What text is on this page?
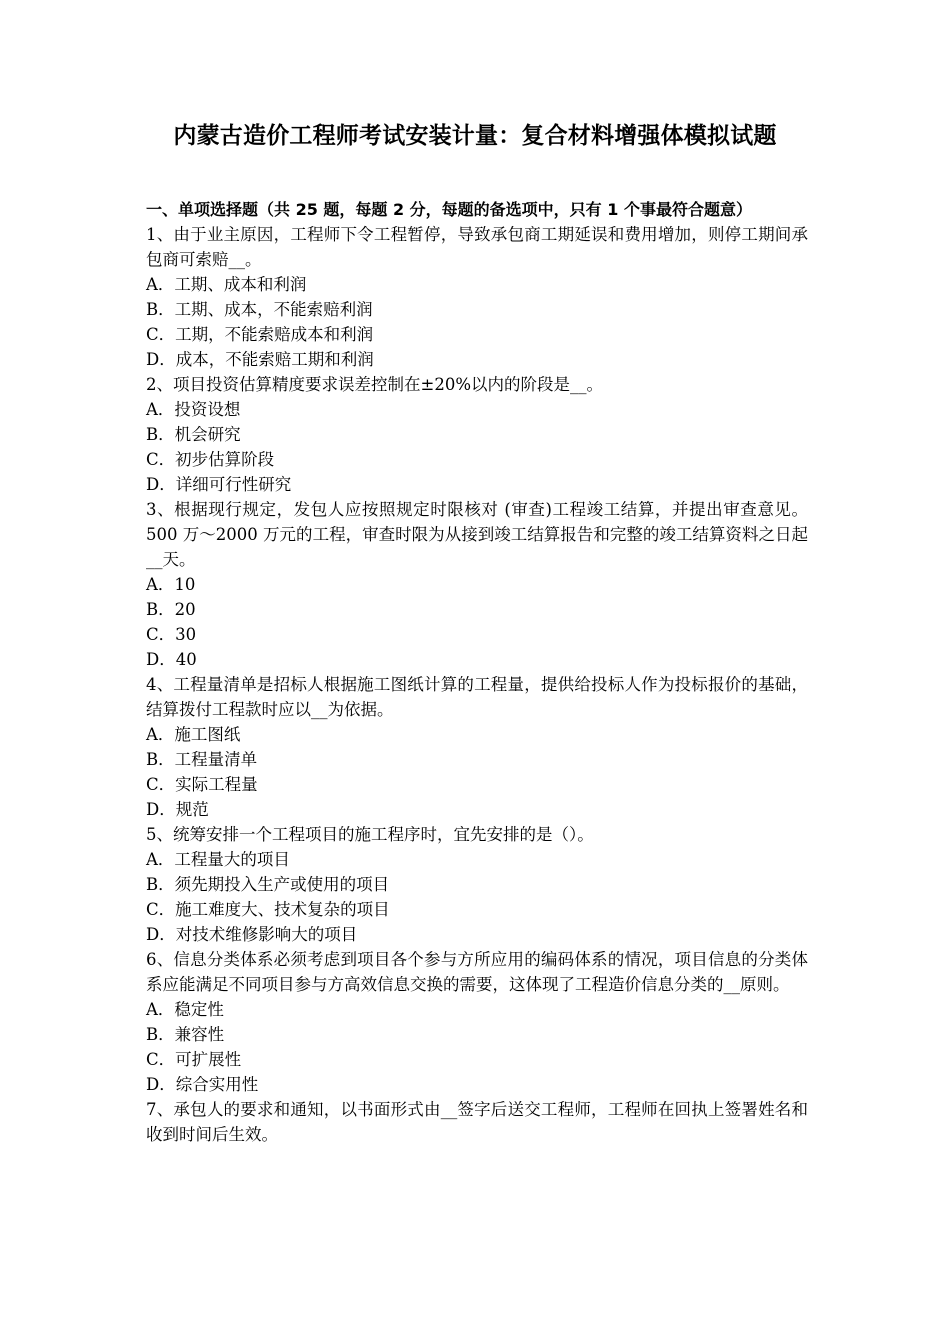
内蒙古造价工程师考试安装计量：复合材料增强体模拟试题
一、单项选择题（共 25 题，每题 2 分，每题的备选项中，只有 1 个事最符合题意）
1、由于业主原因，工程师下令工程暂停，导致承包商工期延误和费用增加，则停工期间承包商可索赔__。
A．工期、成本和利润
B．工期、成本，不能索赔利润
C．工期，不能索赔成本和利润
D．成本，不能索赔工期和利润
2、项目投资估算精度要求误差控制在±20%以内的阶段是__。
A．投资设想
B．机会研究
C．初步估算阶段
D．详细可行性研究
3、根据现行规定，发包人应按照规定时限核对 (审查)工程竣工结算，并提出审查意见。500 万～2000 万元的工程，审查时限为从接到竣工结算报告和完整的竣工结算资料之日起__天。
A．10
B．20
C．30
D．40
4、工程量清单是招标人根据施工图纸计算的工程量，提供给投标人作为投标报价的基础，结算拨付工程款时应以__为依据。
A．施工图纸
B．工程量清单
C．实际工程量
D．规范
5、统筹安排一个工程项目的施工程序时，宜先安排的是（）。
A．工程量大的项目
B．须先期投入生产或使用的项目
C．施工难度大、技术复杂的项目
D．对技术维修影响大的项目
6、信息分类体系必须考虑到项目各个参与方所应用的编码体系的情况，项目信息的分类体系应能满足不同项目参与方高效信息交换的需要，这体现了工程造价信息分类的__原则。
A．稳定性
B．兼容性
C．可扩展性
D．综合实用性
7、承包人的要求和通知，以书面形式由__签字后送交工程师，工程师在回执上签署姓名和收到时间后生效。
